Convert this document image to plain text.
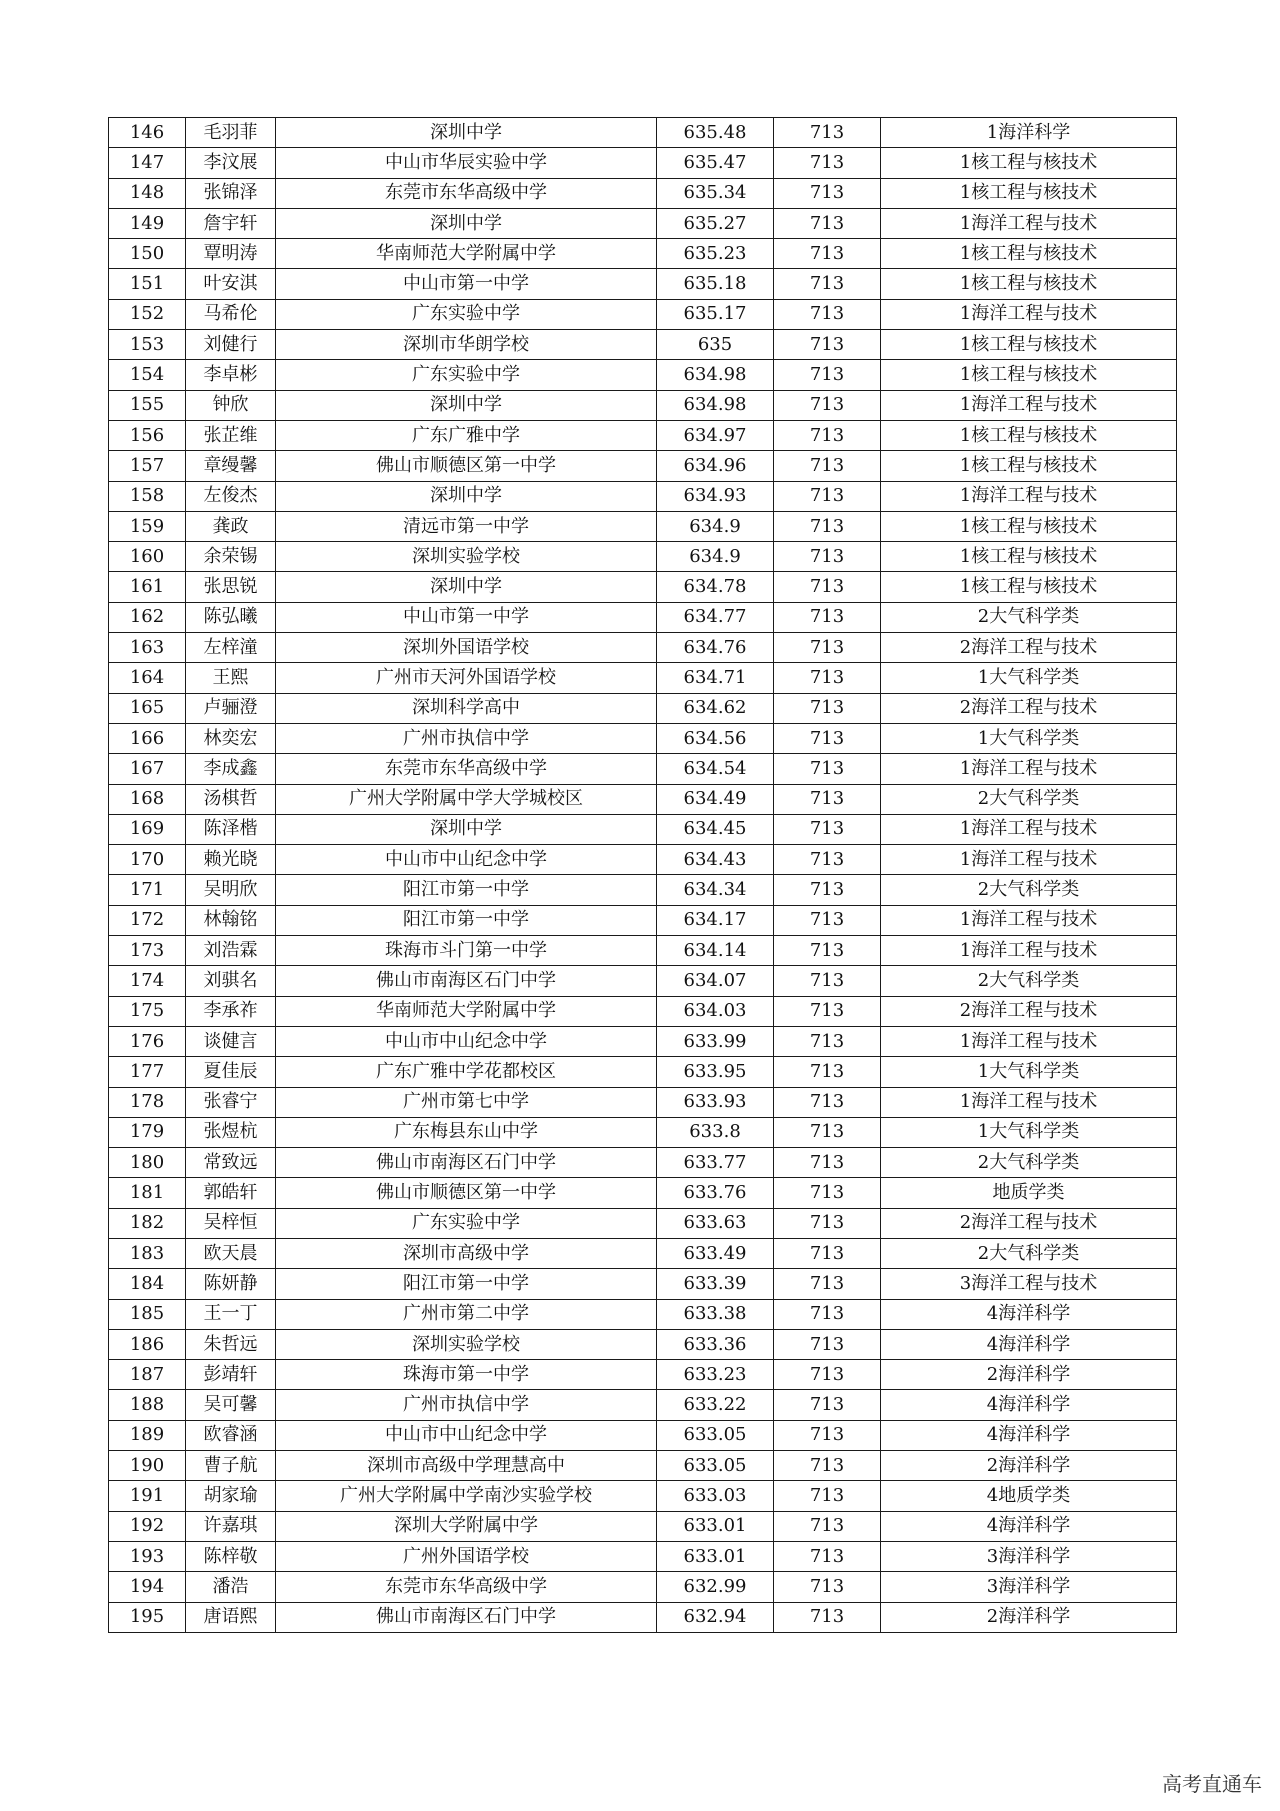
146	毛羽菲	深圳中学	635.48	713	1海洋科学
147	李汶展	中山市华辰实验中学	635.47	713	1核工程与核技术
148	张锦泽	东莞市东华高级中学	635.34	713	1核工程与核技术
149	詹宇轩	深圳中学	635.27	713	1海洋工程与技术
150	覃明涛	华南师范大学附属中学	635.23	713	1核工程与核技术
151	叶安淇	中山市第一中学	635.18	713	1核工程与核技术
152	马希伦	广东实验中学	635.17	713	1海洋工程与技术
153	刘健行	深圳市华朗学校	635	713	1核工程与核技术
154	李卓彬	广东实验中学	634.98	713	1核工程与核技术
155	钟欣	深圳中学	634.98	713	1海洋工程与技术
156	张芷维	广东广雅中学	634.97	713	1核工程与核技术
157	章缦馨	佛山市顺德区第一中学	634.96	713	1核工程与核技术
158	左俊杰	深圳中学	634.93	713	1海洋工程与技术
159	龚政	清远市第一中学	634.9	713	1核工程与核技术
160	余荣锡	深圳实验学校	634.9	713	1核工程与核技术
161	张思锐	深圳中学	634.78	713	1核工程与核技术
162	陈弘曦	中山市第一中学	634.77	713	2大气科学类
163	左梓潼	深圳外国语学校	634.76	713	2海洋工程与技术
164	王熙	广州市天河外国语学校	634.71	713	1大气科学类
165	卢骊澄	深圳科学高中	634.62	713	2海洋工程与技术
166	林奕宏	广州市执信中学	634.56	713	1大气科学类
167	李成鑫	东莞市东华高级中学	634.54	713	1海洋工程与技术
168	汤棋哲	广州大学附属中学大学城校区	634.49	713	2大气科学类
169	陈泽楷	深圳中学	634.45	713	1海洋工程与技术
170	赖光晓	中山市中山纪念中学	634.43	713	1海洋工程与技术
171	吴明欣	阳江市第一中学	634.34	713	2大气科学类
172	林翰铭	阳江市第一中学	634.17	713	1海洋工程与技术
173	刘浩霖	珠海市斗门第一中学	634.14	713	1海洋工程与技术
174	刘骐名	佛山市南海区石门中学	634.07	713	2大气科学类
175	李承祚	华南师范大学附属中学	634.03	713	2海洋工程与技术
176	谈健言	中山市中山纪念中学	633.99	713	1海洋工程与技术
177	夏佳辰	广东广雅中学花都校区	633.95	713	1大气科学类
178	张睿宁	广州市第七中学	633.93	713	1海洋工程与技术
179	张煜杭	广东梅县东山中学	633.8	713	1大气科学类
180	常致远	佛山市南海区石门中学	633.77	713	2大气科学类
181	郭皓轩	佛山市顺德区第一中学	633.76	713	地质学类
182	吴梓恒	广东实验中学	633.63	713	2海洋工程与技术
183	欧天晨	深圳市高级中学	633.49	713	2大气科学类
184	陈妍静	阳江市第一中学	633.39	713	3海洋工程与技术
185	王一丁	广州市第二中学	633.38	713	4海洋科学
186	朱哲远	深圳实验学校	633.36	713	4海洋科学
187	彭靖轩	珠海市第一中学	633.23	713	2海洋科学
188	吴可馨	广州市执信中学	633.22	713	4海洋科学
189	欧睿涵	中山市中山纪念中学	633.05	713	4海洋科学
190	曹子航	深圳市高级中学理慧高中	633.05	713	2海洋科学
191	胡家瑜	广州大学附属中学南沙实验学校	633.03	713	4地质学类
192	许嘉琪	深圳大学附属中学	633.01	713	4海洋科学
193	陈梓敬	广州外国语学校	633.01	713	3海洋科学
194	潘浩	东莞市东华高级中学	632.99	713	3海洋科学
195	唐语熙	佛山市南海区石门中学	632.94	713	2海洋科学
高考直通车
